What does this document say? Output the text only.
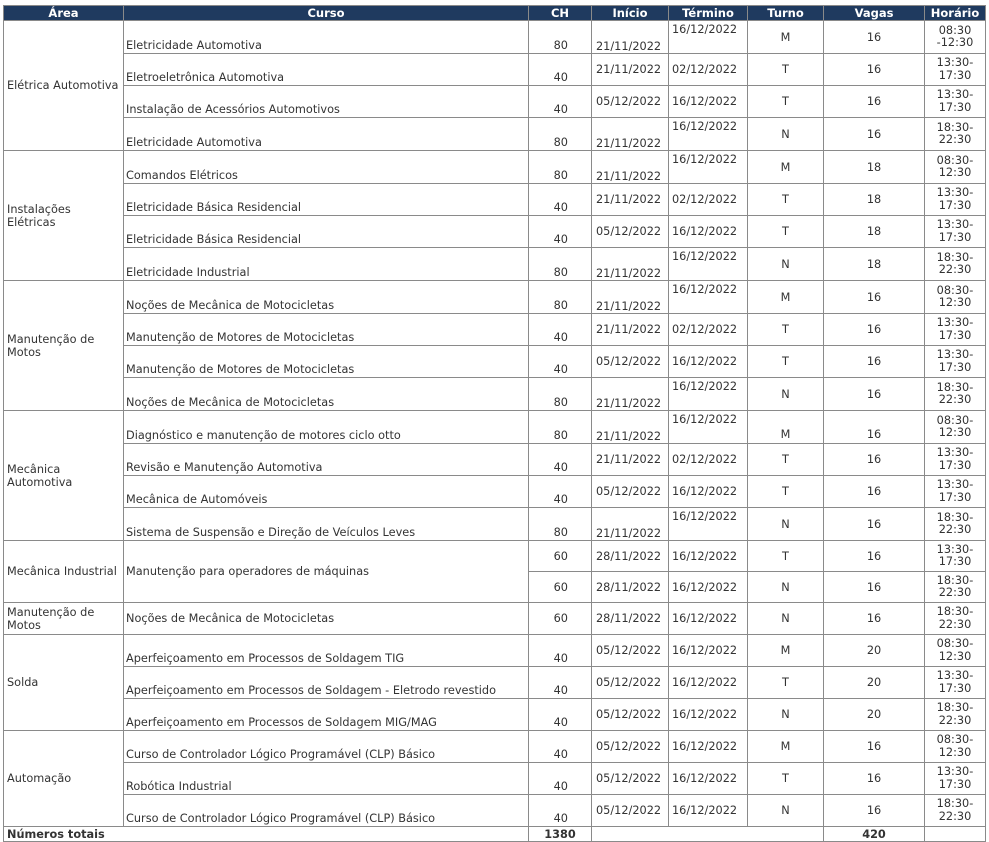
Área	Curso	CH	Início	Término	Turno	Vagas	Horário
Elétrica Automotiva	Eletricidade Automotiva	80	21/11/2022	16/12/2022	M	16	08:30 -12:30
	Eletroeletrônica Automotiva	40	21/11/2022	02/12/2022	T	16	13:30- 17:30
	Instalação de Acessórios Automotivos	40	05/12/2022	16/12/2022	T	16	13:30- 17:30
	Eletricidade Automotiva	80	21/11/2022	16/12/2022	N	16	18:30- 22:30
Instalações Elétricas	Comandos Elétricos	80	21/11/2022	16/12/2022	M	18	08:30- 12:30
	Eletricidade Básica Residencial	40	21/11/2022	02/12/2022	T	18	13:30- 17:30
	Eletricidade Básica Residencial	40	05/12/2022	16/12/2022	T	18	13:30- 17:30
	Eletricidade Industrial	80	21/11/2022	16/12/2022	N	18	18:30- 22:30
Manutenção de Motos	Noções de Mecânica de Motocicletas	80	21/11/2022	16/12/2022	M	16	08:30- 12:30
	Manutenção de Motores de Motocicletas	40	21/11/2022	02/12/2022	T	16	13:30- 17:30
	Manutenção de Motores de Motocicletas	40	05/12/2022	16/12/2022	T	16	13:30- 17:30
	Noções de Mecânica de Motocicletas	80	21/11/2022	16/12/2022	N	16	18:30- 22:30
Mecânica Automotiva	Diagnóstico e manutenção de motores ciclo otto	80	21/11/2022	16/12/2022	M	16	08:30- 12:30
	Revisão e Manutenção Automotiva	40	21/11/2022	02/12/2022	T	16	13:30- 17:30
	Mecânica de Automóveis	40	05/12/2022	16/12/2022	T	16	13:30- 17:30
	Sistema de Suspensão e Direção de Veículos Leves	80	21/11/2022	16/12/2022	N	16	18:30- 22:30
Mecânica Industrial	Manutenção para operadores de máquinas	60	28/11/2022	16/12/2022	T	16	13:30- 17:30
		60	28/11/2022	16/12/2022	N	16	18:30- 22:30
Manutenção de Motos	Noções de Mecânica de Motocicletas	60	28/11/2022	16/12/2022	N	16	18:30- 22:30
Solda	Aperfeiçoamento em Processos de Soldagem TIG	40	05/12/2022	16/12/2022	M	20	08:30- 12:30
	Aperfeiçoamento em Processos de Soldagem - Eletrodo revestido	40	05/12/2022	16/12/2022	T	20	13:30- 17:30
	Aperfeiçoamento em Processos de Soldagem MIG/MAG	40	05/12/2022	16/12/2022	N	20	18:30- 22:30
Automação	Curso de Controlador Lógico Programável (CLP) Básico	40	05/12/2022	16/12/2022	M	16	08:30- 12:30
	Robótica Industrial	40	05/12/2022	16/12/2022	T	16	13:30- 17:30
	Curso de Controlador Lógico Programável (CLP) Básico	40	05/12/2022	16/12/2022	N	16	18:30- 22:30
Números totais		1380				420	
